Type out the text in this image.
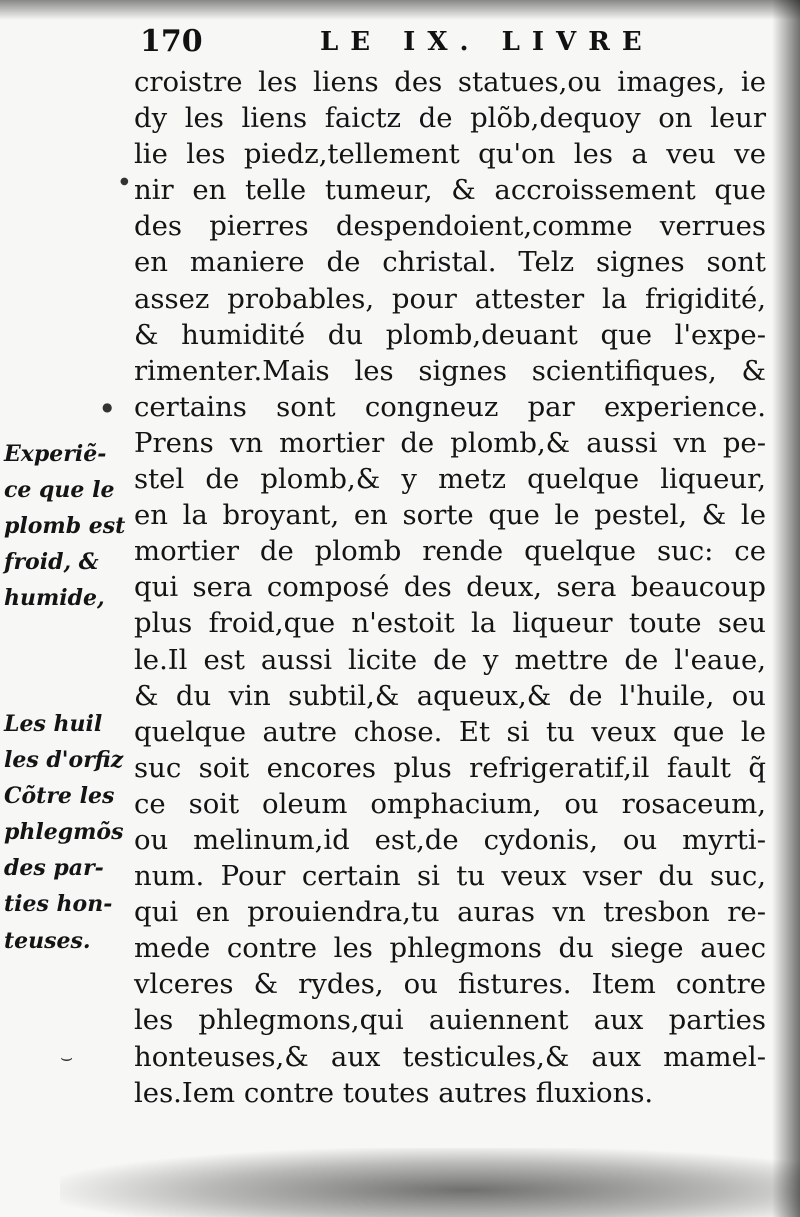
170	LE IX. LIVRE
croistre les liens des statues,ou images, ie
dy les liens faictz de plõb,dequoy on leur
lie les piedz,tellement qu'on les a veu ve
nir en telle tumeur, & accroissement que
des pierres despendoient,comme verrues
en maniere de christal. Telz signes sont
assez probables, pour attester la frigidité,
& humidité du plomb,deuant que l'expe-
rimenter.Mais les signes scientifiques, &
certains sont congneuz par experience.
Prens vn mortier de plomb,& aussi vn pe-
stel de plomb,& y metz quelque liqueur,
en la broyant, en sorte que le pestel, & le
mortier de plomb rende quelque suc: ce
qui sera composé des deux, sera beaucoup
plus froid,que n'estoit la liqueur toute seu
le.Il est aussi licite de y mettre de l'eaue,
& du vin subtil,& aqueux,& de l'huile, ou
quelque autre chose. Et si tu veux que le
suc soit encores plus refrigeratif,il fault q̃
ce soit oleum omphacium, ou rosaceum,
ou melinum,id est,de cydonis, ou myrti-
num. Pour certain si tu veux vser du suc,
qui en prouiendra,tu auras vn tresbon re-
mede contre les phlegmons du siege auec
vlceres & rydes, ou fistures. Item contre
les phlegmons,qui auiennent aux parties
honteuses,& aux testicules,& aux mamel-
les.Iem contre toutes autres fluxions.
Experiẽ-
ce que le
plomb est
froid, &
humide,
Les huil
les d'orfiz
Cõtre les
phlegmõs
des par-
ties hon-
teuses.
⌣
●
●
